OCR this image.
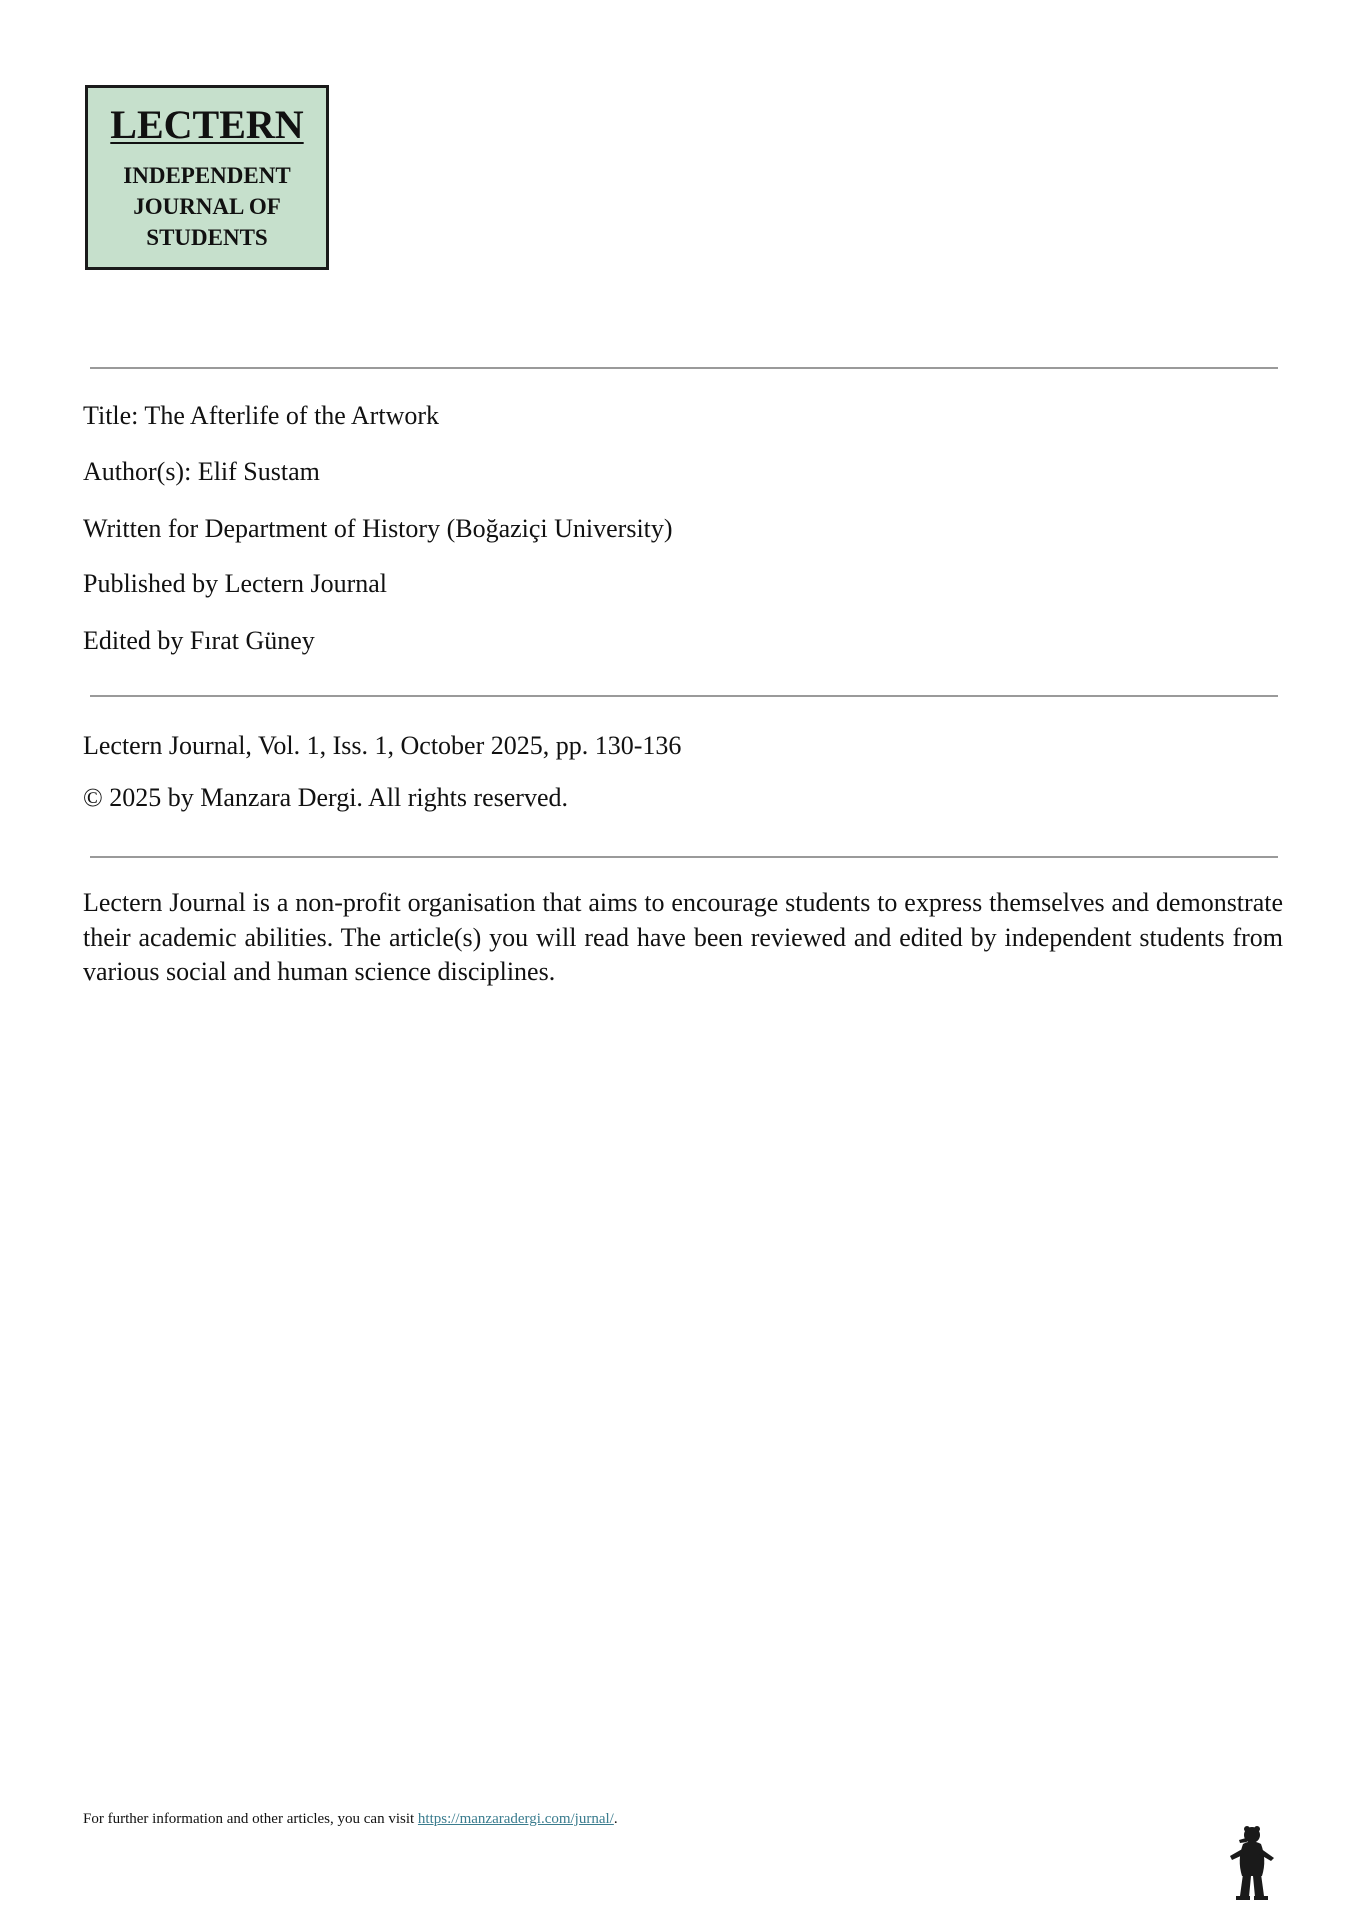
LECTERN
INDEPENDENT JOURNAL OF STUDENTS
Title: The Afterlife of the Artwork
Author(s): Elif Sustam
Written for Department of History (Boğaziçi University)
Published by Lectern Journal
Edited by Fırat Güney
Lectern Journal, Vol. 1, Iss. 1, October 2025, pp. 130-136
© 2025 by Manzara Dergi. All rights reserved.

Lectern Journal is a non-profit organisation that aims to encourage students to express themselves and demonstrate their academic abilities. The article(s) you will read have been reviewed and edited by independent students from various social and human science disciplines.

For further information and other articles, you can visit https://manzaradergi.com/jurnal/.
